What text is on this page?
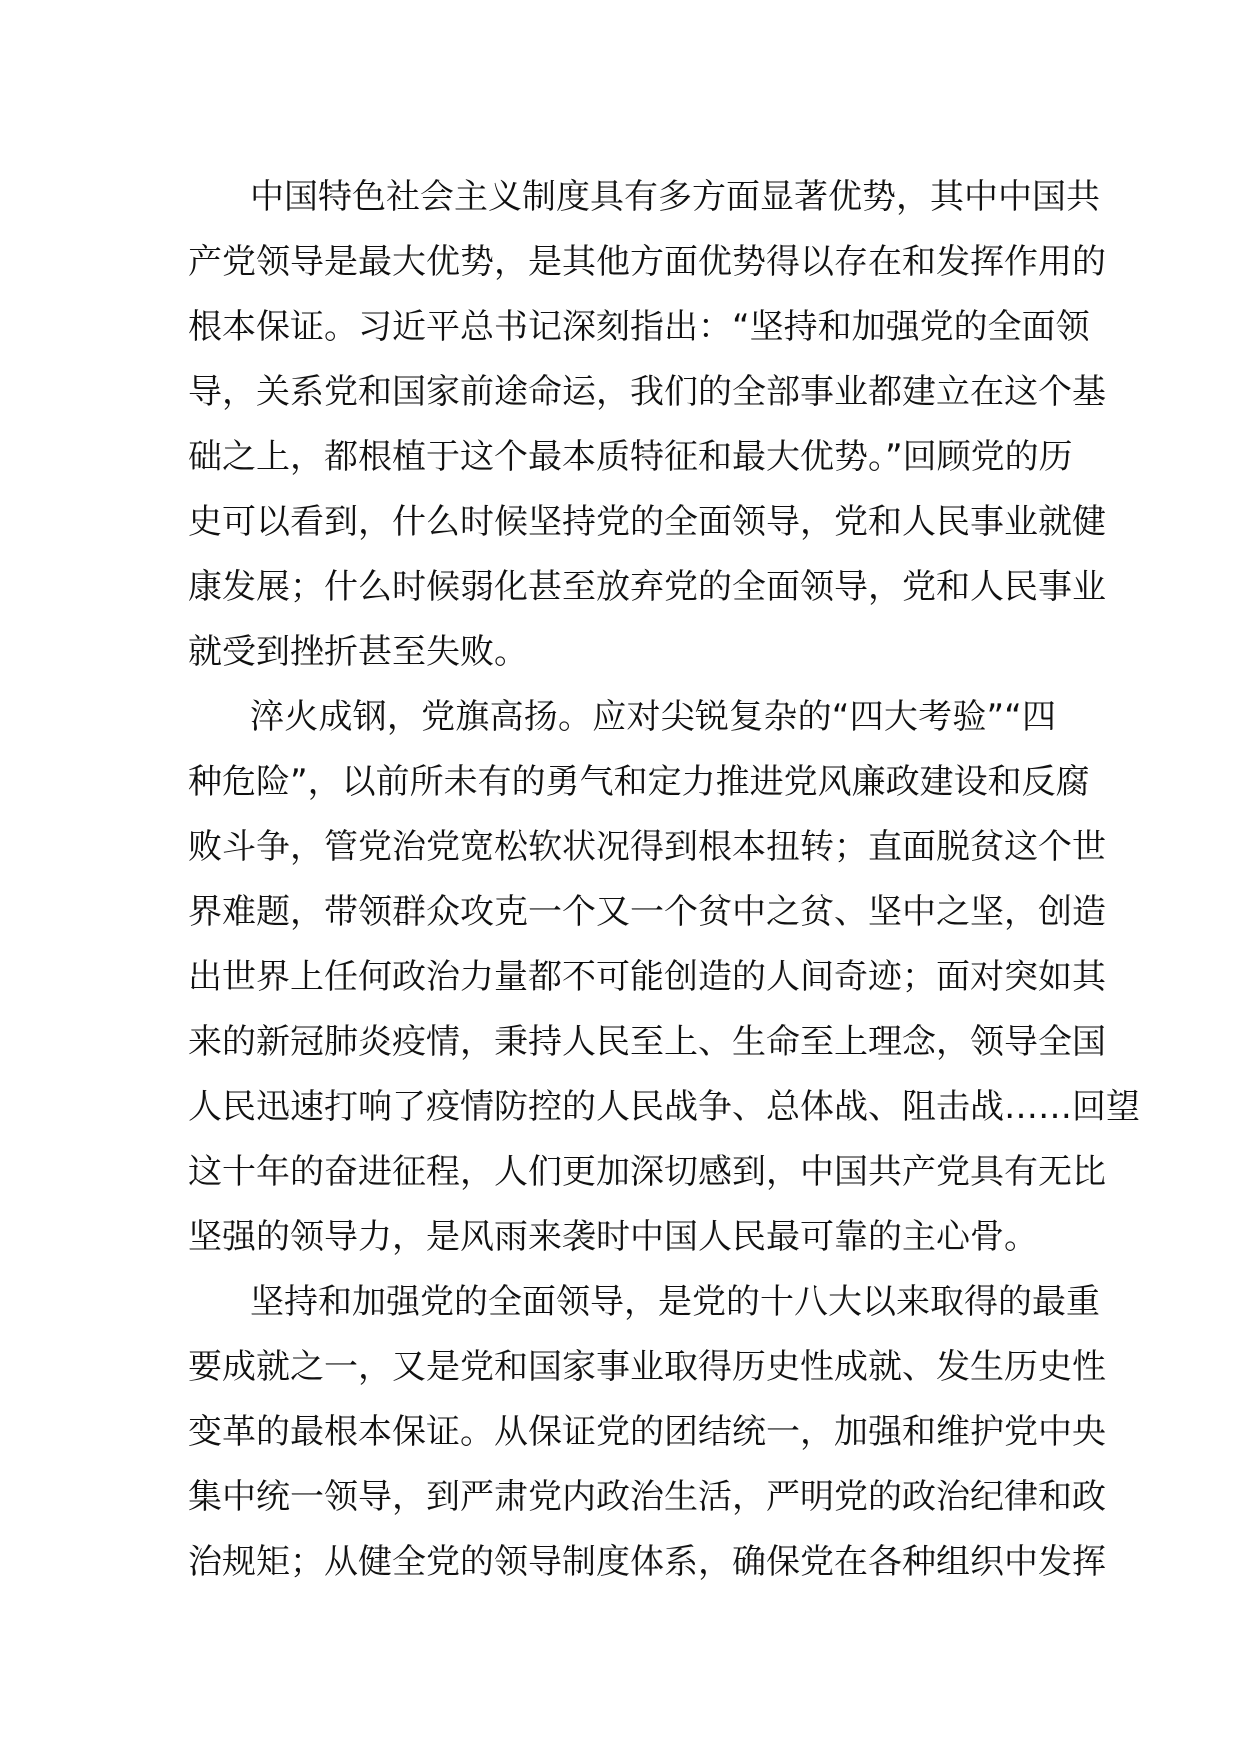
中国特色社会主义制度具有多方面显著优势，其中中国共
产党领导是最大优势，是其他方面优势得以存在和发挥作用的
根本保证。习近平总书记深刻指出：“坚持和加强党的全面领
导，关系党和国家前途命运，我们的全部事业都建立在这个基
础之上，都根植于这个最本质特征和最大优势。”回顾党的历
史可以看到，什么时候坚持党的全面领导，党和人民事业就健
康发展；什么时候弱化甚至放弃党的全面领导，党和人民事业
就受到挫折甚至失败。
淬火成钢，党旗高扬。应对尖锐复杂的“四大考验”“四
种危险”，以前所未有的勇气和定力推进党风廉政建设和反腐
败斗争，管党治党宽松软状况得到根本扭转；直面脱贫这个世
界难题，带领群众攻克一个又一个贫中之贫、坚中之坚，创造
出世界上任何政治力量都不可能创造的人间奇迹；面对突如其
来的新冠肺炎疫情，秉持人民至上、生命至上理念，领导全国
人民迅速打响了疫情防控的人民战争、总体战、阻击战……回望
这十年的奋进征程，人们更加深切感到，中国共产党具有无比
坚强的领导力，是风雨来袭时中国人民最可靠的主心骨。
坚持和加强党的全面领导，是党的十八大以来取得的最重
要成就之一，又是党和国家事业取得历史性成就、发生历史性
变革的最根本保证。从保证党的团结统一，加强和维护党中央
集中统一领导，到严肃党内政治生活，严明党的政治纪律和政
治规矩；从健全党的领导制度体系，确保党在各种组织中发挥
